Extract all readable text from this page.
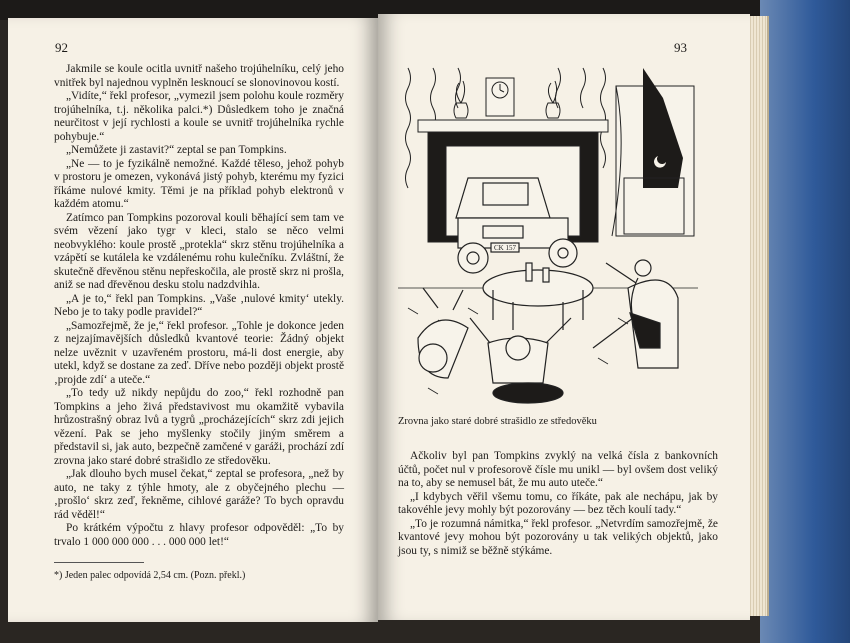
92

Jakmile se koule ocitla uvnitř našeho trojúhelníku, celý jeho vnitřek byl najednou vyplněn lesknoucí se slonovinovou kostí.

„Vidíte,“ řekl profesor, „vymezil jsem polohu koule rozměry trojúhelníka, t.j. několika palci.*) Důsledkem toho je značná neurčitost v její rychlosti a koule se uvnitř trojúhelníka rychle pohybuje.“

„Nemůžete ji zastavit?“ zeptal se pan Tompkins.

„Ne — to je fyzikálně nemožné. Každé těleso, jehož pohyb v prostoru je omezen, vykonává jistý pohyb, kterému my fyzici říkáme nulové kmity. Těmi je na příklad pohyb elektronů v každém atomu.“

Zatímco pan Tompkins pozoroval kouli běhající sem tam ve svém vězení jako tygr v kleci, stalo se něco velmi neobvyklého: koule prostě „protekla“ skrz stěnu trojúhelníka a vzápětí se kutálela ke vzdálenému rohu kulečníku. Zvláštní, že skutečně dřevěnou stěnu nepřeskočila, ale prostě skrz ni prošla, aniž se nad dřevěnou desku stolu nadzdvihla.

„A je to,“ řekl pan Tompkins. „Vaše ‚nulové kmity‘ utekly. Nebo je to taky podle pravidel?“

„Samozřejmě, že je,“ řekl profesor. „Tohle je dokonce jeden z nejzajímavějších důsledků kvantové teorie: Žádný objekt nelze uvěznit v uzavřeném prostoru, má-li dost energie, aby utekl, když se dostane za zeď. Dříve nebo později objekt prostě ‚projde zdí‘ a uteče.“

„To tedy už nikdy nepůjdu do zoo,“ řekl rozhodně pan Tompkins a jeho živá představivost mu okamžitě vybavila hrůzostrašný obraz lvů a tygrů „procházejících“ skrz zdi jejich vězení. Pak se jeho myšlenky stočily jiným směrem a představil si, jak auto, bezpečně zamčené v garáži, prochází zdí zrovna jako staré dobré strašidlo ze středověku.

„Jak dlouho bych musel čekat,“ zeptal se profesora, „než by auto, ne taky z týhle hmoty, ale z obyčejného plechu — ‚prošlo‘ skrz zeď, řekněme, cihlové garáže? To bych opravdu rád věděl!“

Po krátkém výpočtu z hlavy profesor odpověděl: „To by trvalo 1 000 000 000 . . . 000 000 let!“

*) Jeden palec odpovídá 2,54 cm. (Pozn. překl.)
93
CK 157
Zrovna jako staré dobré strašidlo ze středověku

Ačkoliv byl pan Tompkins zvyklý na velká čísla z bankovních účtů, počet nul v profesorově čísle mu unikl — byl ovšem dost veliký na to, aby se nemusel bát, že mu auto uteče.“

„I kdybych věřil všemu tomu, co říkáte, pak ale nechápu, jak by takovéhle jevy mohly být pozorovány — bez těch koulí tady.“

„To je rozumná námitka,“ řekl profesor. „Netvrdím samozřejmě, že kvantové jevy mohou být pozorovány u tak velikých objektů, jako jsou ty, s nimiž se běžně stýkáme.
